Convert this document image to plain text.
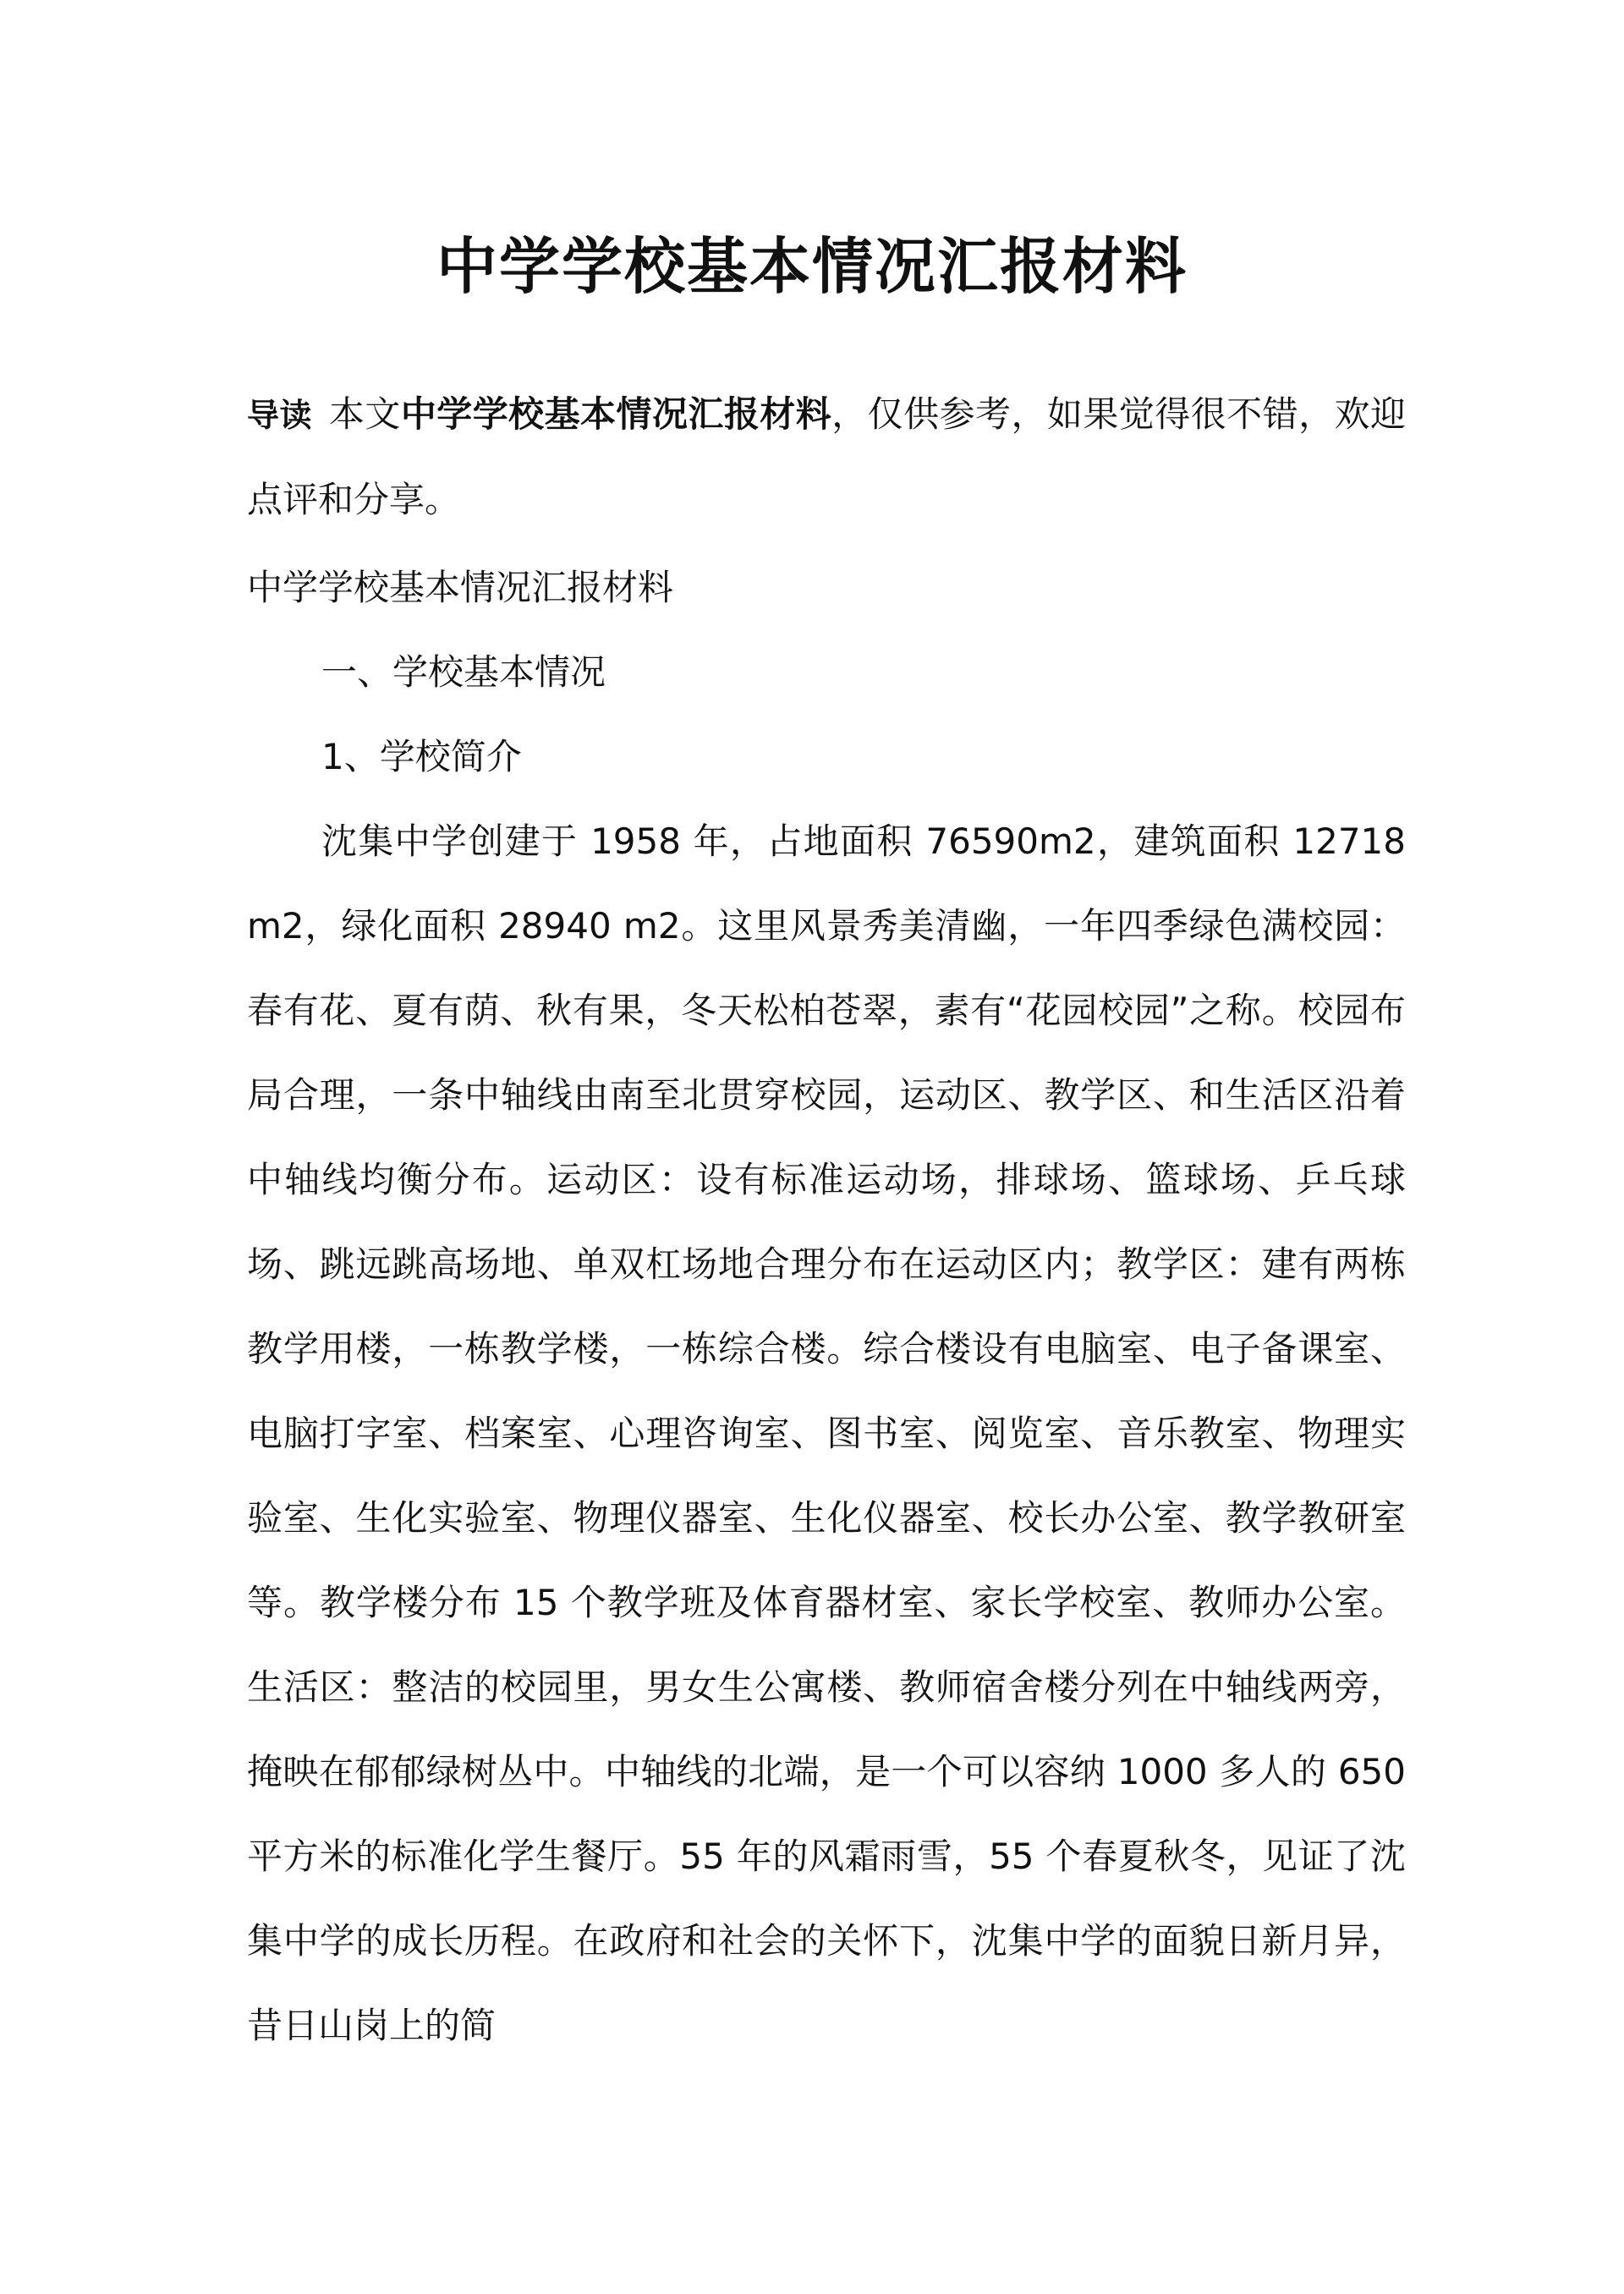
中学学校基本情况汇报材料

导读 本文中学学校基本情况汇报材料，仅供参考，如果觉得很不错，欢迎点评和分享。

中学学校基本情况汇报材料

一、学校基本情况

1、学校简介

沈集中学创建于 1958 年，占地面积 76590m2，建筑面积 12718 m2，绿化面积 28940 m2。这里风景秀美清幽，一年四季绿色满校园：春有花、夏有荫、秋有果，冬天松柏苍翠，素有“花园校园”之称。校园布局合理，一条中轴线由南至北贯穿校园，运动区、教学区、和生活区沿着中轴线均衡分布。运动区：设有标准运动场，排球场、篮球场、乒乓球场、跳远跳高场地、单双杠场地合理分布在运动区内；教学区：建有两栋教学用楼，一栋教学楼，一栋综合楼。综合楼设有电脑室、电子备课室、电脑打字室、档案室、心理咨询室、图书室、阅览室、音乐教室、物理实验室、生化实验室、物理仪器室、生化仪器室、校长办公室、教学教研室等。教学楼分布 15 个教学班及体育器材室、家长学校室、教师办公室。生活区：整洁的校园里，男女生公寓楼、教师宿舍楼分列在中轴线两旁，掩映在郁郁绿树丛中。中轴线的北端，是一个可以容纳 1000 多人的 650 平方米的标准化学生餐厅。55 年的风霜雨雪，55 个春夏秋冬，见证了沈集中学的成长历程。在政府和社会的关怀下，沈集中学的面貌日新月异，昔日山岗上的简
